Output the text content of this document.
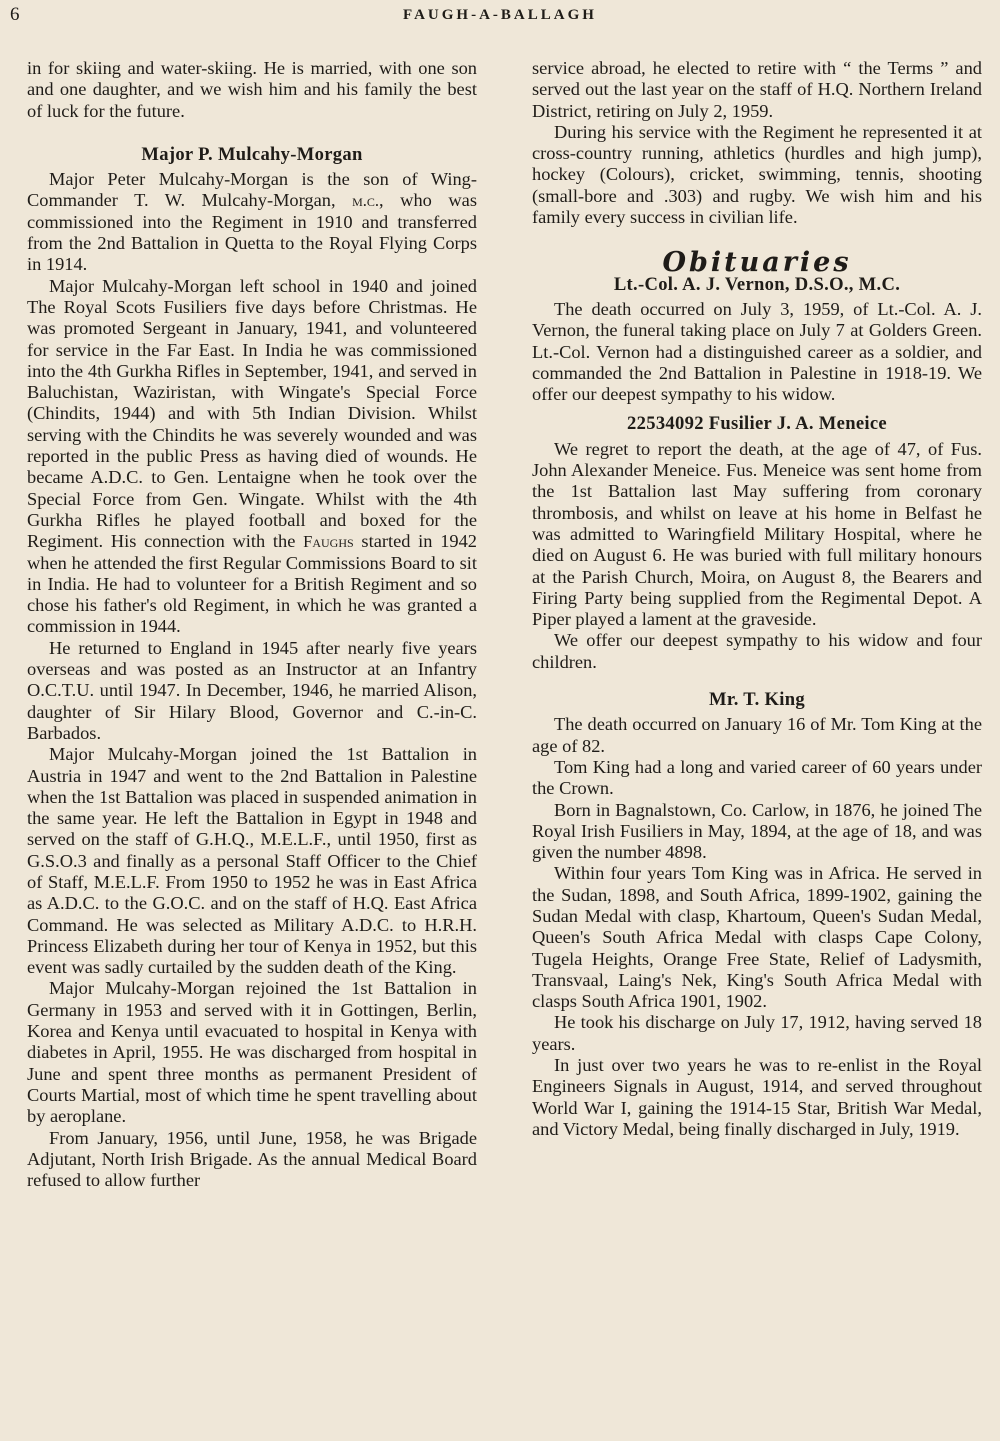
6	FAUGH-A-BALLAGH

in for skiing and water-skiing. He is married, with one son and one daughter, and we wish him and his family the best of luck for the future.

Major P. Mulcahy-Morgan

Major Peter Mulcahy-Morgan is the son of Wing-Commander T. W. Mulcahy-Morgan, m.c., who was commissioned into the Regiment in 1910 and transferred from the 2nd Battalion in Quetta to the Royal Flying Corps in 1914.

Major Mulcahy-Morgan left school in 1940 and joined The Royal Scots Fusiliers five days before Christmas. He was promoted Sergeant in January, 1941, and volunteered for service in the Far East. In India he was commissioned into the 4th Gurkha Rifles in September, 1941, and served in Baluchistan, Waziristan, with Wingate's Special Force (Chindits, 1944) and with 5th Indian Division. Whilst serving with the Chindits he was severely wounded and was reported in the public Press as having died of wounds. He became A.D.C. to Gen. Lentaigne when he took over the Special Force from Gen. Wingate. Whilst with the 4th Gurkha Rifles he played football and boxed for the Regiment. His connection with the Faughs started in 1942 when he attended the first Regular Commissions Board to sit in India. He had to volunteer for a British Regiment and so chose his father's old Regiment, in which he was granted a commission in 1944.

He returned to England in 1945 after nearly five years overseas and was posted as an Instructor at an Infantry O.C.T.U. until 1947. In December, 1946, he married Alison, daughter of Sir Hilary Blood, Governor and C.-in-C. Barbados.

Major Mulcahy-Morgan joined the 1st Battalion in Austria in 1947 and went to the 2nd Battalion in Palestine when the 1st Battalion was placed in suspended animation in the same year. He left the Battalion in Egypt in 1948 and served on the staff of G.H.Q., M.E.L.F., until 1950, first as G.S.O.3 and finally as a personal Staff Officer to the Chief of Staff, M.E.L.F. From 1950 to 1952 he was in East Africa as A.D.C. to the G.O.C. and on the staff of H.Q. East Africa Command. He was selected as Military A.D.C. to H.R.H. Princess Elizabeth during her tour of Kenya in 1952, but this event was sadly curtailed by the sudden death of the King.

Major Mulcahy-Morgan rejoined the 1st Battalion in Germany in 1953 and served with it in Gottingen, Berlin, Korea and Kenya until evacuated to hospital in Kenya with diabetes in April, 1955. He was discharged from hospital in June and spent three months as permanent President of Courts Martial, most of which time he spent travelling about by aeroplane.

From January, 1956, until June, 1958, he was Brigade Adjutant, North Irish Brigade. As the annual Medical Board refused to allow further

service abroad, he elected to retire with “ the Terms ” and served out the last year on the staff of H.Q. Northern Ireland District, retiring on July 2, 1959.

During his service with the Regiment he represented it at cross-country running, athletics (hurdles and high jump), hockey (Colours), cricket, swimming, tennis, shooting (small-bore and .303) and rugby. We wish him and his family every success in civilian life.

Obituaries
Lt.-Col. A. J. Vernon, D.S.O., M.C.

The death occurred on July 3, 1959, of Lt.-Col. A. J. Vernon, the funeral taking place on July 7 at Golders Green. Lt.-Col. Vernon had a distinguished career as a soldier, and commanded the 2nd Battalion in Palestine in 1918-19. We offer our deepest sympathy to his widow.

22534092 Fusilier J. A. Meneice

We regret to report the death, at the age of 47, of Fus. John Alexander Meneice. Fus. Meneice was sent home from the 1st Battalion last May suffering from coronary thrombosis, and whilst on leave at his home in Belfast he was admitted to Waringfield Military Hospital, where he died on August 6. He was buried with full military honours at the Parish Church, Moira, on August 8, the Bearers and Firing Party being supplied from the Regimental Depot. A Piper played a lament at the graveside.

We offer our deepest sympathy to his widow and four children.

Mr. T. King

The death occurred on January 16 of Mr. Tom King at the age of 82.

Tom King had a long and varied career of 60 years under the Crown.

Born in Bagnalstown, Co. Carlow, in 1876, he joined The Royal Irish Fusiliers in May, 1894, at the age of 18, and was given the number 4898.

Within four years Tom King was in Africa. He served in the Sudan, 1898, and South Africa, 1899-1902, gaining the Sudan Medal with clasp, Khartoum, Queen's Sudan Medal, Queen's South Africa Medal with clasps Cape Colony, Tugela Heights, Orange Free State, Relief of Ladysmith, Transvaal, Laing's Nek, King's South Africa Medal with clasps South Africa 1901, 1902.

He took his discharge on July 17, 1912, having served 18 years.

In just over two years he was to re-enlist in the Royal Engineers Signals in August, 1914, and served throughout World War I, gaining the 1914-15 Star, British War Medal, and Victory Medal, being finally discharged in July, 1919.
